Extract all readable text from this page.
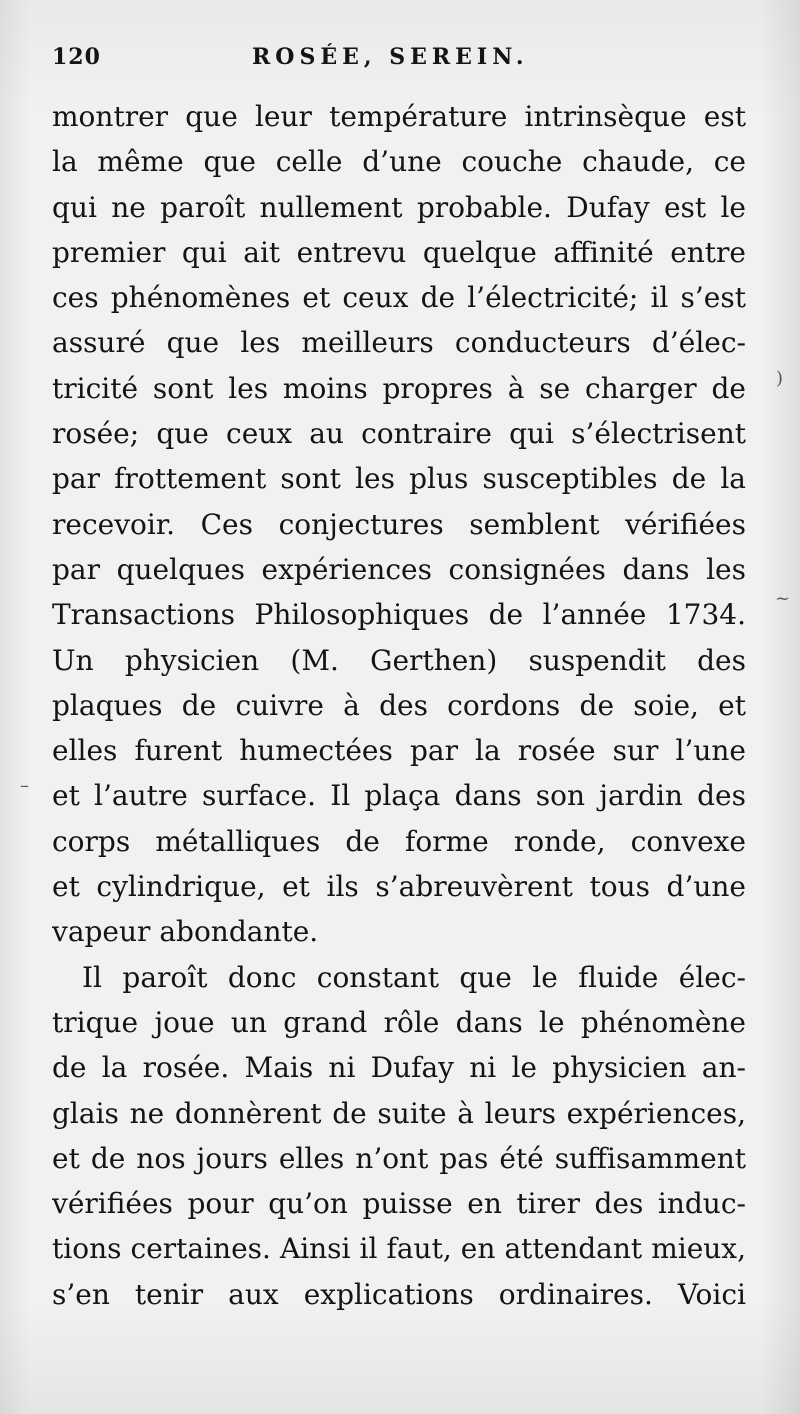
120	ROSÉE, SEREIN.
montrer que leur température intrinsèque est
la même que celle d’une couche chaude, ce
qui ne paroît nullement probable. Dufay est le
premier qui ait entrevu quelque affinité entre
ces phénomènes et ceux de l’électricité; il s’est
assuré que les meilleurs conducteurs d’élec-
tricité sont les moins propres à se charger de
rosée; que ceux au contraire qui s’électrisent
par frottement sont les plus susceptibles de la
recevoir. Ces conjectures semblent vérifiées
par quelques expériences consignées dans les
Transactions Philosophiques de l’année 1734.
Un physicien (M. Gerthen) suspendit des
plaques de cuivre à des cordons de soie, et
elles furent humectées par la rosée sur l’une
et l’autre surface. Il plaça dans son jardin des
corps métalliques de forme ronde, convexe
et cylindrique, et ils s’abreuvèrent tous d’une
vapeur abondante.
Il paroît donc constant que le fluide élec-
trique joue un grand rôle dans le phénomène
de la rosée. Mais ni Dufay ni le physicien an-
glais ne donnèrent de suite à leurs expériences,
et de nos jours elles n’ont pas été suffisamment
vérifiées pour qu’on puisse en tirer des induc-
tions certaines. Ainsi il faut, en attendant mieux,
s’en tenir aux explications ordinaires. Voici
–
~
)
